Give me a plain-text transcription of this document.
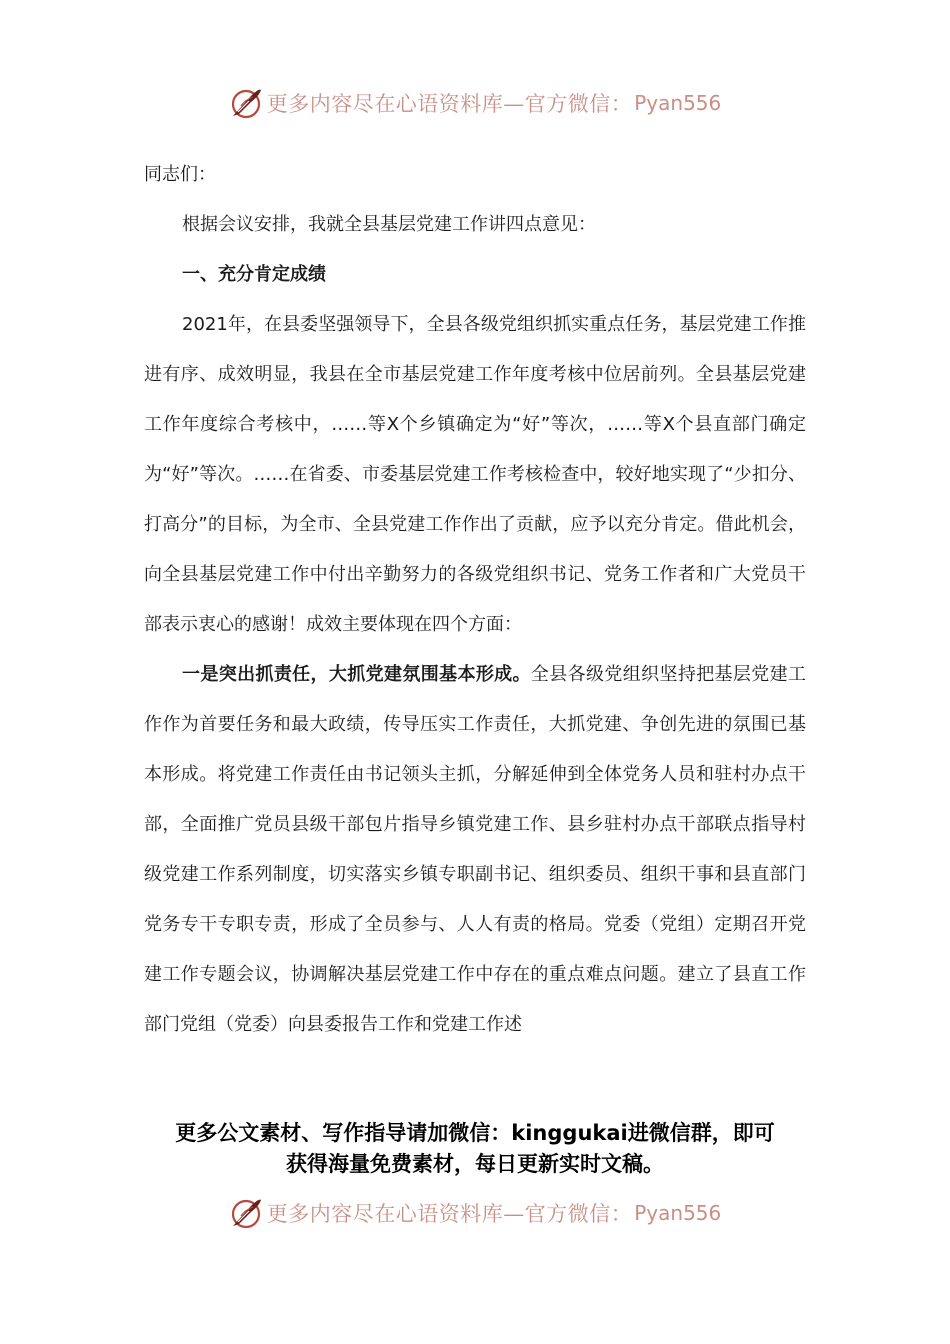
更多内容尽在心语资料库—官方微信： Pyan556

同志们：

根据会议安排，我就全县基层党建工作讲四点意见：

一、充分肯定成绩

2021年，在县委坚强领导下，全县各级党组织抓实重点任务，基层党建工作推进有序、成效明显，我县在全市基层党建工作年度考核中位居前列。全县基层党建工作年度综合考核中，……等X个乡镇确定为“好”等次，……等X个县直部门确定为“好”等次。……在省委、市委基层党建工作考核检查中，较好地实现了“少扣分、打高分”的目标，为全市、全县党建工作作出了贡献，应予以充分肯定。借此机会，向全县基层党建工作中付出辛勤努力的各级党组织书记、党务工作者和广大党员干部表示衷心的感谢！成效主要体现在四个方面：

一是突出抓责任，大抓党建氛围基本形成。全县各级党组织坚持把基层党建工作作为首要任务和最大政绩，传导压实工作责任，大抓党建、争创先进的氛围已基本形成。将党建工作责任由书记领头主抓，分解延伸到全体党务人员和驻村办点干部，全面推广党员县级干部包片指导乡镇党建工作、县乡驻村办点干部联点指导村级党建工作系列制度，切实落实乡镇专职副书记、组织委员、组织干事和县直部门党务专干专职专责，形成了全员参与、人人有责的格局。党委（党组）定期召开党建工作专题会议，协调解决基层党建工作中存在的重点难点问题。建立了县直工作部门党组（党委）向县委报告工作和党建工作述

更多公文素材、写作指导请加微信：kinggukai进微信群，即可
获得海量免费素材，每日更新实时文稿。
更多内容尽在心语资料库—官方微信： Pyan556
